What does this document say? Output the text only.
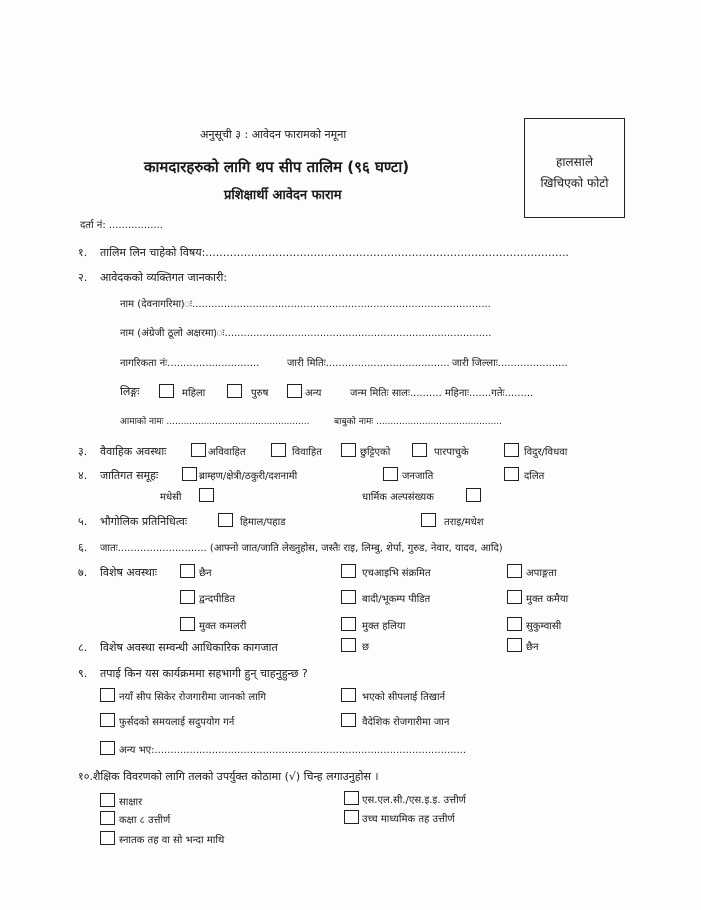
अनुसूची ३ : आवेदन फारामको नमूना
कामदारहरुको लागि थप सीप तालिम (९६ घण्टा)
प्रशिक्षार्थी आवेदन फाराम
हालसाले
खिचिएको फोटो
दर्ता नं: .................
१. तालिम लिन चाहेको विषय:........................................................................................................
२. आवेदकको व्यक्तिगत जानकारी:
नाम (देवनागरिमा)ः..............................................................................................
नाम (अंग्रेजी ठूलो अक्षरमा)ः....................................................................................
नागरिकता नंः.............................	जारी मितिः....................................... जारी जिल्लाः......................
लिङ्गः	महिला	पुरुष	अन्य	जन्म मितिः सालः.......... महिनाः.......गतेः.........
आमाको नामः ..................................................	बाबुको नामः ............................................
३. वैवाहिक अवस्थाः	अविवाहित	विवाहित	छुट्टिएको	पारपाचुके	विदुर/विधवा
४. जातिगत समूहः	ब्राम्हण/क्षेत्री/ठकुरी/दशनामी	जनजाति	दलित
मधेसी	धार्मिक अल्पसंख्यक
५. भौगोलिक प्रतिनिधित्वः	हिमाल/पहाड	तराइ/मधेश
६. जातः............................ (आफ्नो जात/जाति लेख्नुहोस, जस्तैः राइ, लिम्बु, शेर्पा, गुरुड, नेवार, यादव, आदि)
७. विशेष अवस्थाः	छैन	एचआइभि संक्रमित	अपाङ्गता
द्वन्दपीडित	बादी/भूकम्प पीडित	मुक्त कमैया
मुक्त कमलरी	मुक्त हलिया	सुकुम्वासी
८. विशेष अवस्था सम्वन्धी आधिकारिक कागजात	छ	छैन
९. तपाई किन यस कार्यक्रममा सहभागी हुन् चाहनुहुन्छ ?
नयाँ सीप सिकेर रोजगारीमा जानको लागि	भएको सीपलाई तिखार्न
फुर्सदको समयलाई सदुपयोग गर्न	वैदेशिक रोजगारीमा जान
अन्य भए:..................................................................................................
१०.शैक्षिक विवरणको लागि तलको उपर्युक्त कोठामा (√) चिन्ह लगाउनुहोस ।
साक्षार	एस.एल.सी./एस.इ.इ. उत्तीर्ण
कक्षा ८ उत्तीर्ण	उच्च माध्यमिक तह उत्तीर्ण
स्नातक तह वा सो भन्दा माथि
